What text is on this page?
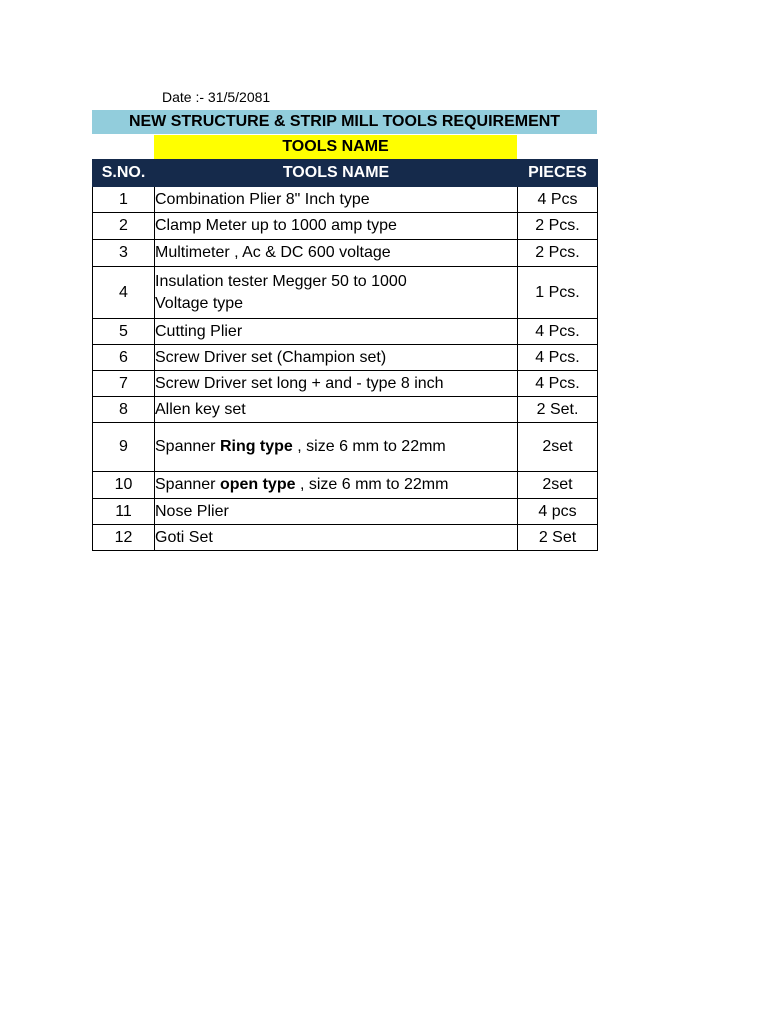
Date :- 31/5/2081
NEW STRUCTURE & STRIP MILL TOOLS REQUIREMENT
TOOLS NAME
S.NO.	TOOLS NAME	PIECES
1	Combination Plier 8" Inch type	4 Pcs
2	Clamp Meter up to 1000 amp type	2 Pcs.
3	Multimeter , Ac & DC 600 voltage	2 Pcs.
4	Insulation tester Megger 50 to 1000
Voltage type	1 Pcs.
5	Cutting Plier	4 Pcs.
6	Screw Driver set (Champion set)	4 Pcs.
7	Screw Driver set long + and - type 8 inch	4 Pcs.
8	Allen key set	2 Set.
9	Spanner Ring type , size 6 mm to 22mm	2set
10	Spanner open type , size 6 mm to 22mm	2set
11	Nose Plier	4 pcs
12	Goti Set	2 Set
